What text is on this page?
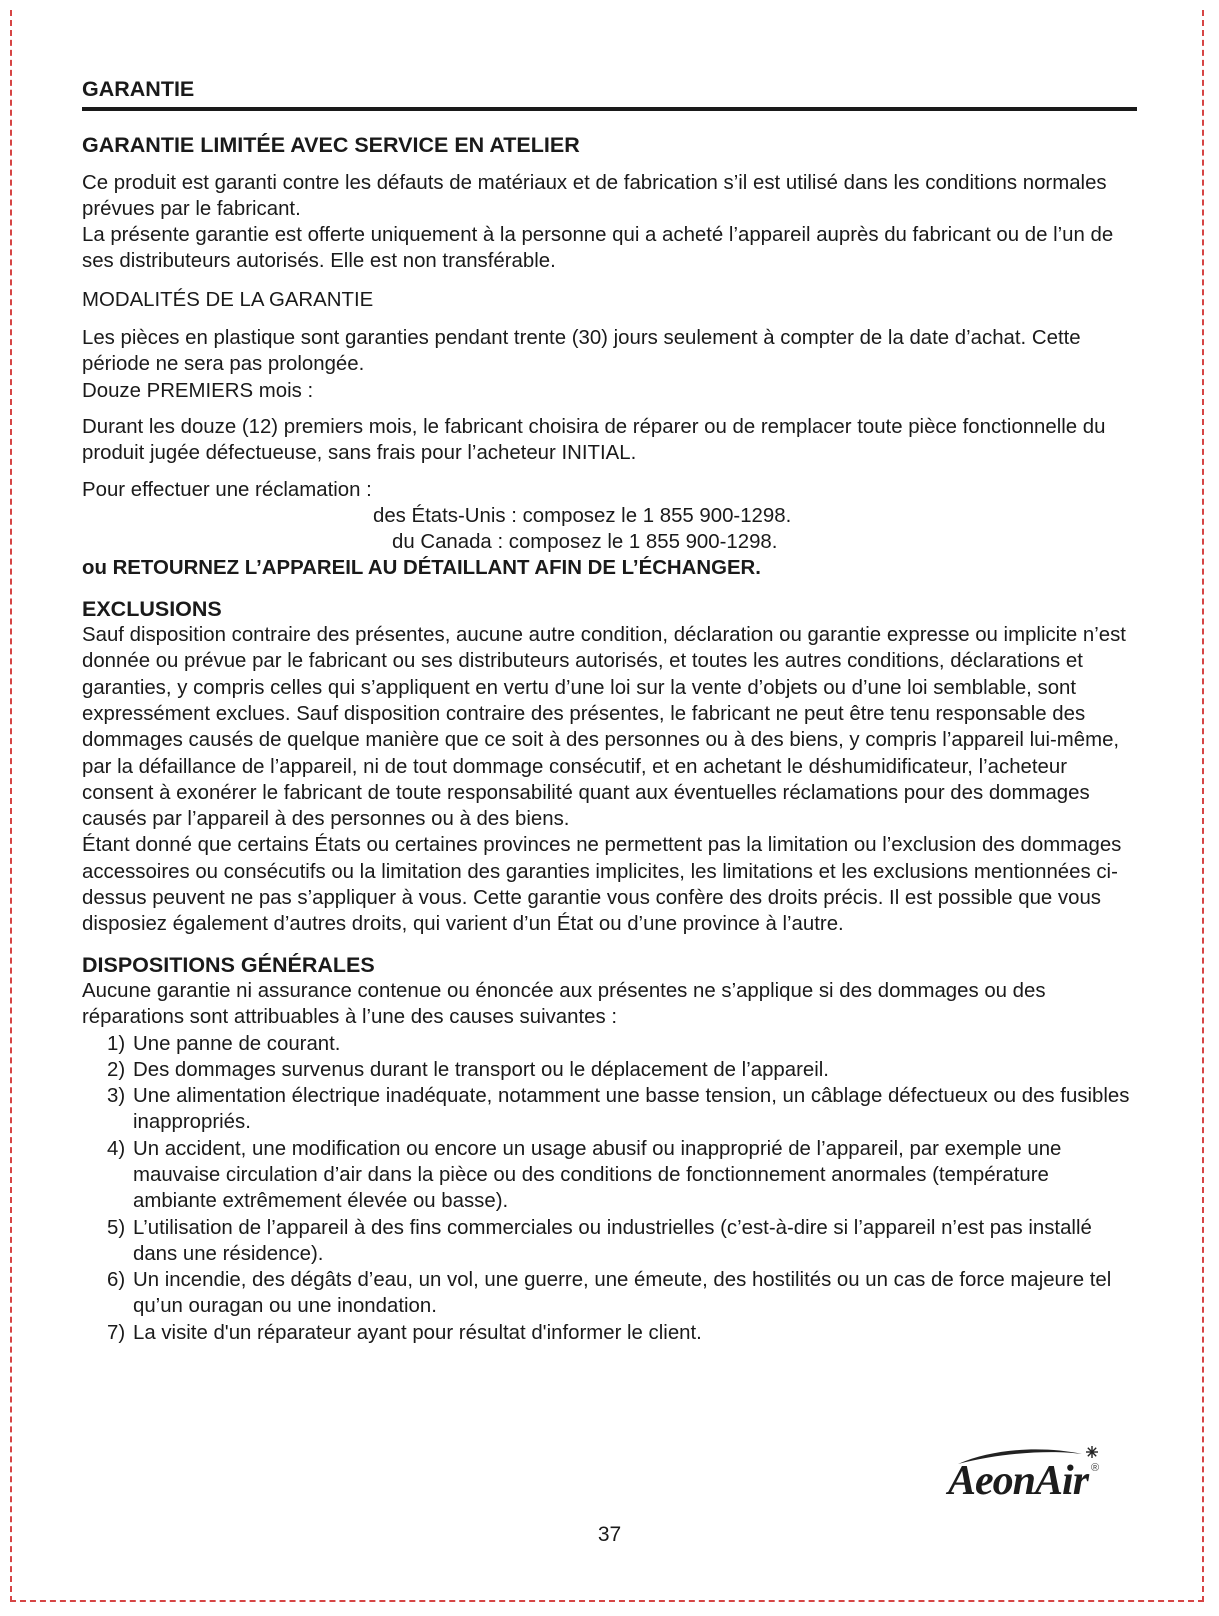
GARANTIE
GARANTIE LIMITÉE AVEC SERVICE EN ATELIER

Ce produit est garanti contre les défauts de matériaux et de fabrication s’il est utilisé dans les conditions normales prévues par le fabricant.

La présente garantie est offerte uniquement à la personne qui a acheté l’appareil auprès du fabricant ou de l’un de ses distributeurs autorisés. Elle est non transférable.

MODALITÉS DE LA GARANTIE

Les pièces en plastique sont garanties pendant trente (30) jours seulement à compter de la date d’achat. Cette période ne sera pas prolongée.

Douze PREMIERS mois :

Durant les douze (12) premiers mois, le fabricant choisira de réparer ou de remplacer toute pièce fonctionnelle du produit jugée défectueuse, sans frais pour l’acheteur INITIAL.

Pour effectuer une réclamation :

des États-Unis : composez le 1 855 900-1298.

du Canada : composez le 1 855 900-1298.

ou RETOURNEZ L’APPAREIL AU DÉTAILLANT AFIN DE L’ÉCHANGER.

EXCLUSIONS

Sauf disposition contraire des présentes, aucune autre condition, déclaration ou garantie expresse ou implicite n’est donnée ou prévue par le fabricant ou ses distributeurs autorisés, et toutes les autres conditions, déclarations et garanties, y compris celles qui s’appliquent en vertu d’une loi sur la vente d’objets ou d’une loi semblable, sont expressément exclues. Sauf disposition contraire des présentes, le fabricant ne peut être tenu responsable des dommages causés de quelque manière que ce soit à des personnes ou à des biens, y compris l’appareil lui-même, par la défaillance de l’appareil, ni de tout dommage consécutif, et en achetant le déshumidificateur, l’acheteur consent à exonérer le fabricant de toute responsabilité quant aux éventuelles réclamations pour des dommages causés par l’appareil à des personnes ou à des biens.

Étant donné que certains États ou certaines provinces ne permettent pas la limitation ou l’exclusion des dommages accessoires ou consécutifs ou la limitation des garanties implicites, les limitations et les exclusions mentionnées ci-dessus peuvent ne pas s’appliquer à vous. Cette garantie vous confère des droits précis. Il est possible que vous disposiez également d’autres droits, qui varient d’un État ou d’une province à l’autre.

DISPOSITIONS GÉNÉRALES

Aucune garantie ni assurance contenue ou énoncée aux présentes ne s’applique si des dommages ou des réparations sont attribuables à l’une des causes suivantes :

1) Une panne de courant.
2) Des dommages survenus durant le transport ou le déplacement de l’appareil.
3) Une alimentation électrique inadéquate, notamment une basse tension, un câblage défectueux ou des fusibles inappropriés.
4) Un accident, une modification ou encore un usage abusif ou inapproprié de l’appareil, par exemple une mauvaise circulation d’air dans la pièce ou des conditions de fonctionnement anormales (température ambiante extrêmement élevée ou basse).
5) L’utilisation de l’appareil à des fins commerciales ou industrielles (c’est-à-dire si l’appareil n’est pas installé dans une résidence).
6) Un incendie, des dégâts d’eau, un vol, une guerre, une émeute, des hostilités ou un cas de force majeure tel qu’un ouragan ou une inondation.
7) La visite d'un réparateur ayant pour résultat d'informer le client.
AeonAir ®
37
